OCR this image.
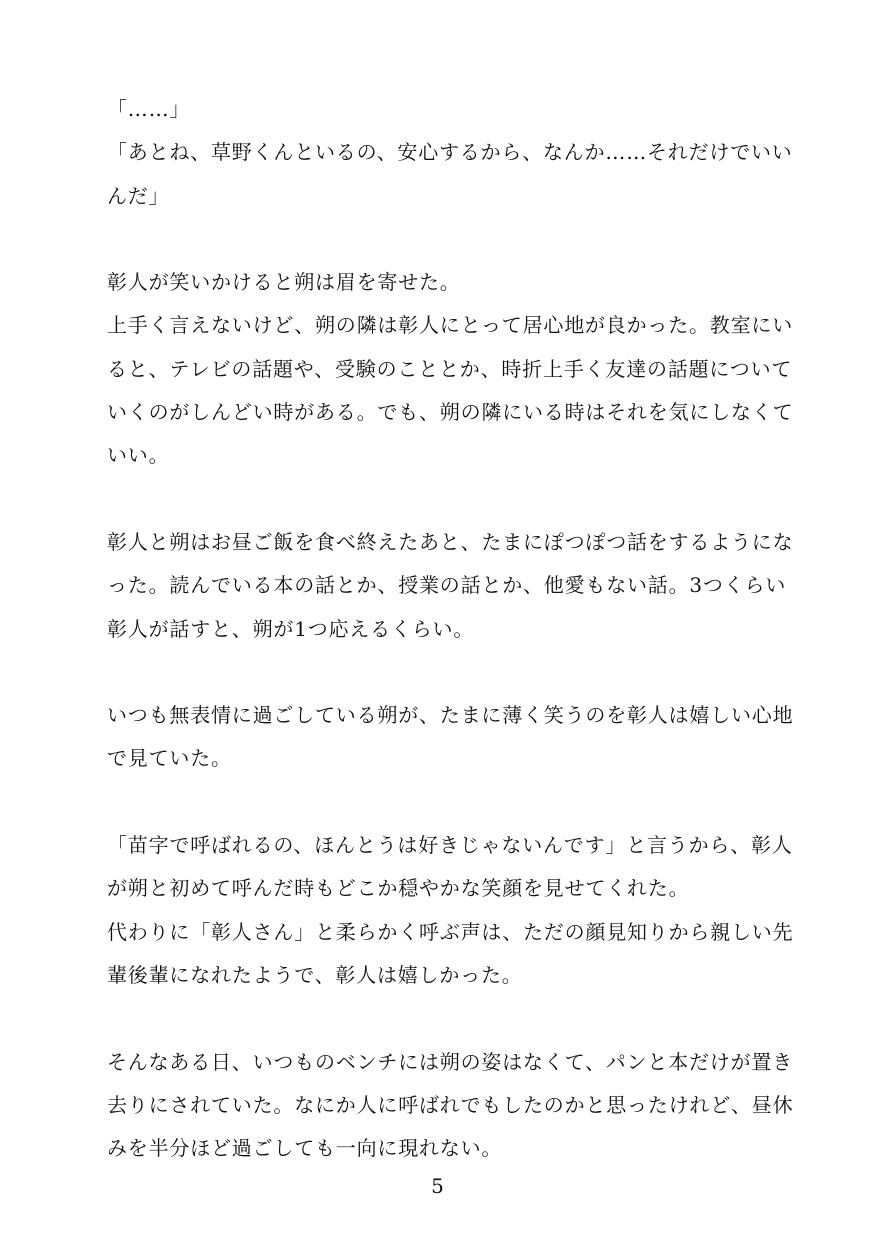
「……」
「あとね、草野くんといるの、安心するから、なんか……それだけでいい
んだ」
彰人が笑いかけると朔は眉を寄せた。
上手く言えないけど、朔の隣は彰人にとって居心地が良かった。教室にい
ると、テレビの話題や、受験のこととか、時折上手く友達の話題について
いくのがしんどい時がある。でも、朔の隣にいる時はそれを気にしなくて
いい。
彰人と朔はお昼ご飯を食べ終えたあと、たまにぽつぽつ話をするようにな
った。読んでいる本の話とか、授業の話とか、他愛もない話。3つくらい
彰人が話すと、朔が1つ応えるくらい。
いつも無表情に過ごしている朔が、たまに薄く笑うのを彰人は嬉しい心地
で見ていた。
「苗字で呼ばれるの、ほんとうは好きじゃないんです」と言うから、彰人
が朔と初めて呼んだ時もどこか穏やかな笑顔を見せてくれた。
代わりに「彰人さん」と柔らかく呼ぶ声は、ただの顔見知りから親しい先
輩後輩になれたようで、彰人は嬉しかった。
そんなある日、いつものベンチには朔の姿はなくて、パンと本だけが置き
去りにされていた。なにか人に呼ばれでもしたのかと思ったけれど、昼休
みを半分ほど過ごしても一向に現れない。
5
